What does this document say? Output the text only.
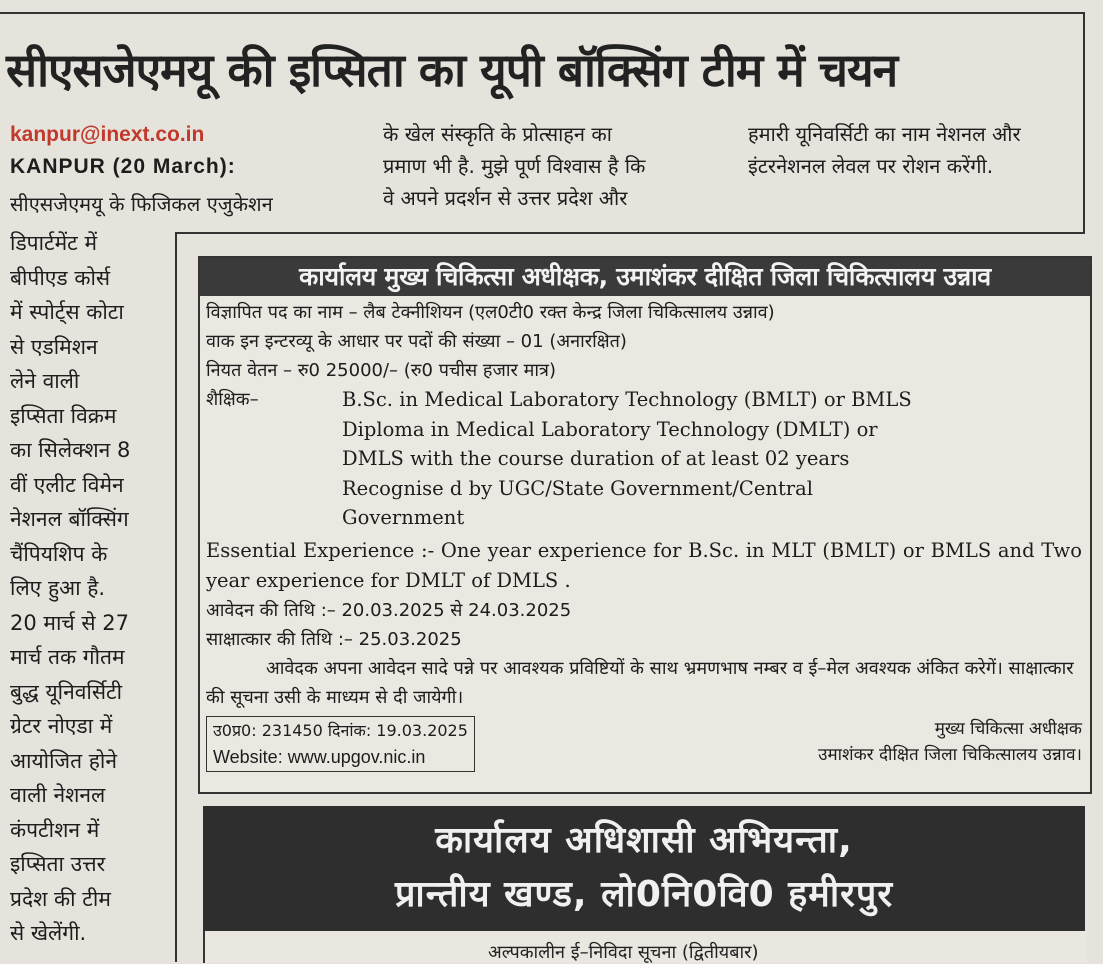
सीएसजेएमयू की इप्सिता का यूपी बॉक्सिंग टीम में चयन
kanpur@inext.co.in
KANPUR (20 March):
सीएसजेएमयू के फिजिकल एजुकेशन
के खेल संस्कृति के प्रोत्साहन का
प्रमाण भी है. मुझे पूर्ण विश्वास है कि
वे अपने प्रदर्शन से उत्तर प्रदेश और
हमारी यूनिवर्सिटी का नाम नेशनल और
इंटरनेशनल लेवल पर रोशन करेंगी.
डिपार्टमेंट में
बीपीएड कोर्स
में स्पोर्ट्स कोटा
से एडमिशन
लेने वाली
इप्सिता विक्रम
का सिलेक्शन 8
वीं एलीट विमेन
नेशनल बॉक्सिंग
चैंपियशिप के
लिए हुआ है.
20 मार्च से 27
मार्च तक गौतम
बुद्ध यूनिवर्सिटी
ग्रेटर नोएडा में
आयोजित होने
वाली नेशनल
कंपटीशन में
इप्सिता उत्तर
प्रदेश की टीम
से खेलेंगी.
कार्यालय मुख्य चिकित्सा अधीक्षक, उमाशंकर दीक्षित जिला चिकित्सालय उन्नाव
विज्ञापित पद का नाम – लैब टेक्नीशियन (एल0टी0 रक्त केन्द्र जिला चिकित्सालय उन्नाव)
वाक इन इन्टरव्यू के आधार पर पदों की संख्या – 01 (अनारक्षित)
नियत वेतन – रु0 25000/– (रु0 पचीस हजार मात्र)
शैक्षिक–	B.Sc. in Medical Laboratory Technology (BMLT) or BMLS
Diploma in Medical Laboratory Technology (DMLT) or
DMLS with the course duration of at least 02 years
Recognise d by UGC/State Government/Central
Government
Essential Experience :- One year experience for B.Sc. in MLT (BMLT) or BMLS and Two year experience for DMLT of DMLS .
आवेदन की तिथि :– 20.03.2025 से 24.03.2025
साक्षात्कार की तिथि :– 25.03.2025
आवेदक अपना आवेदन सादे पन्ने पर आवश्यक प्रविष्टियों के साथ भ्रमणभाष नम्बर व ई–मेल अवश्यक अंकित करेगें। साक्षात्कार की सूचना उसी के माध्यम से दी जायेगी।
उ0प्र0: 231450 दिनांक: 19.03.2025
Website: www.upgov.nic.in
मुख्य चिकित्सा अधीक्षक
उमाशंकर दीक्षित जिला चिकित्सालय उन्नाव।
कार्यालय अधिशासी अभियन्ता,
प्रान्तीय खण्ड, लो0नि0वि0 हमीरपुर
अल्पकालीन ई–निविदा सूचना (द्वितीयबार)
